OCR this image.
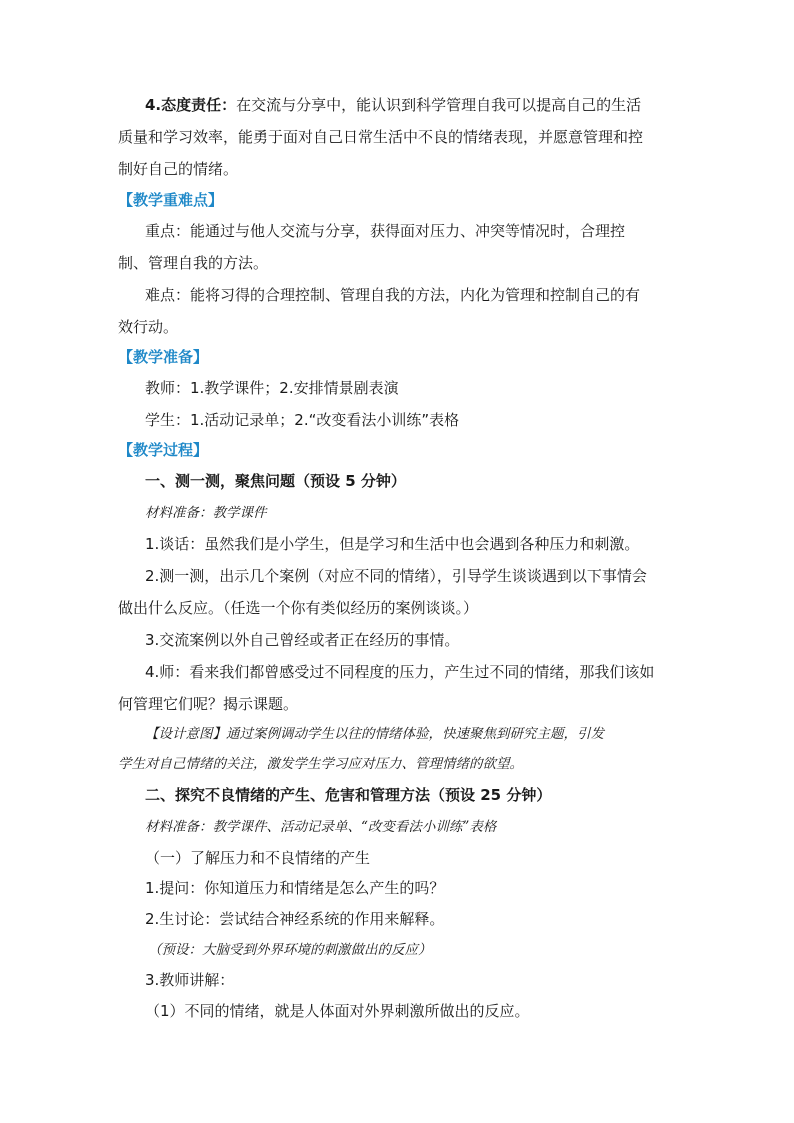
4.态度责任：在交流与分享中，能认识到科学管理自我可以提高自己的生活

质量和学习效率，能勇于面对自己日常生活中不良的情绪表现，并愿意管理和控

制好自己的情绪。

【教学重难点】

重点：能通过与他人交流与分享，获得面对压力、冲突等情况时，合理控

制、管理自我的方法。

难点：能将习得的合理控制、管理自我的方法，内化为管理和控制自己的有

效行动。

【教学准备】

教师：1.教学课件；2.安排情景剧表演

学生：1.活动记录单；2.“改变看法小训练”表格

【教学过程】

一、测一测，聚焦问题（预设 5 分钟）

材料准备：教学课件

1.谈话：虽然我们是小学生，但是学习和生活中也会遇到各种压力和刺激。

2.测一测，出示几个案例（对应不同的情绪），引导学生谈谈遇到以下事情会

做出什么反应。（任选一个你有类似经历的案例谈谈。）

3.交流案例以外自己曾经或者正在经历的事情。

4.师：看来我们都曾感受过不同程度的压力，产生过不同的情绪，那我们该如

何管理它们呢？揭示课题。

【设计意图】通过案例调动学生以往的情绪体验，快速聚焦到研究主题，引发

学生对自己情绪的关注，激发学生学习应对压力、管理情绪的欲望。

二、探究不良情绪的产生、危害和管理方法（预设 25 分钟）

材料准备：教学课件、活动记录单、“改变看法小训练”表格

（一）了解压力和不良情绪的产生

1.提问：你知道压力和情绪是怎么产生的吗？

2.生讨论：尝试结合神经系统的作用来解释。

（预设：大脑受到外界环境的刺激做出的反应）

3.教师讲解：

（1）不同的情绪，就是人体面对外界刺激所做出的反应。
